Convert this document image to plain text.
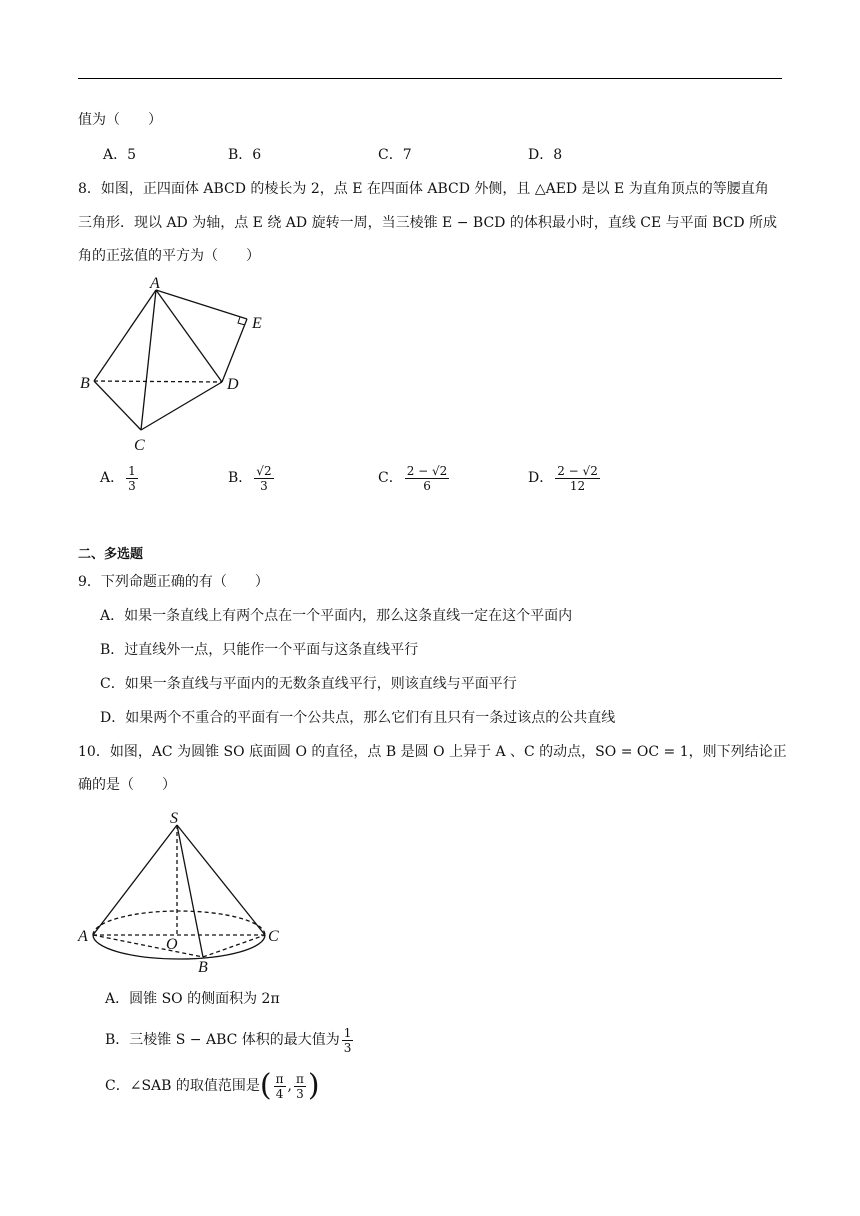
值为（　　）
A．5	B．6	C．7	D．8
8．如图，正四面体 ABCD 的棱长为 2，点 E 在四面体 ABCD 外侧，且 △AED 是以 E 为直角顶点的等腰直角
三角形．现以 AD 为轴，点 E 绕 AD 旋转一周，当三棱锥 E − BCD 的体积最小时，直线 CE 与平面 BCD 所成
角的正弦值的平方为（　　）
A
E
B	D
C
A． $\frac{1}{3}$	B． $\frac{√2}{3}$	C． $\frac{2 - √2}{6}$	D． $\frac{2 - √2}{12}$
二、多选题
9．下列命题正确的有（　　）
A．如果一条直线上有两个点在一个平面内，那么这条直线一定在这个平面内
B．过直线外一点，只能作一个平面与这条直线平行
C．如果一条直线与平面内的无数条直线平行，则该直线与平面平行
D．如果两个不重合的平面有一个公共点，那么它们有且只有一条过该点的公共直线
10．如图，AC 为圆锥 SO 底面圆 O 的直径，点 B 是圆 O 上异于 A 、C 的动点，SO = OC = 1，则下列结论正
确的是（　　）
S
A	O	C
B
A．圆锥 SO 的侧面积为 2π
B．三棱锥 S − ABC 体积的最大值为 $\frac{1}{3}$
C．∠SAB 的取值范围是( $\frac{\pi}{4}$ , $\frac{\pi}{3}$ )
